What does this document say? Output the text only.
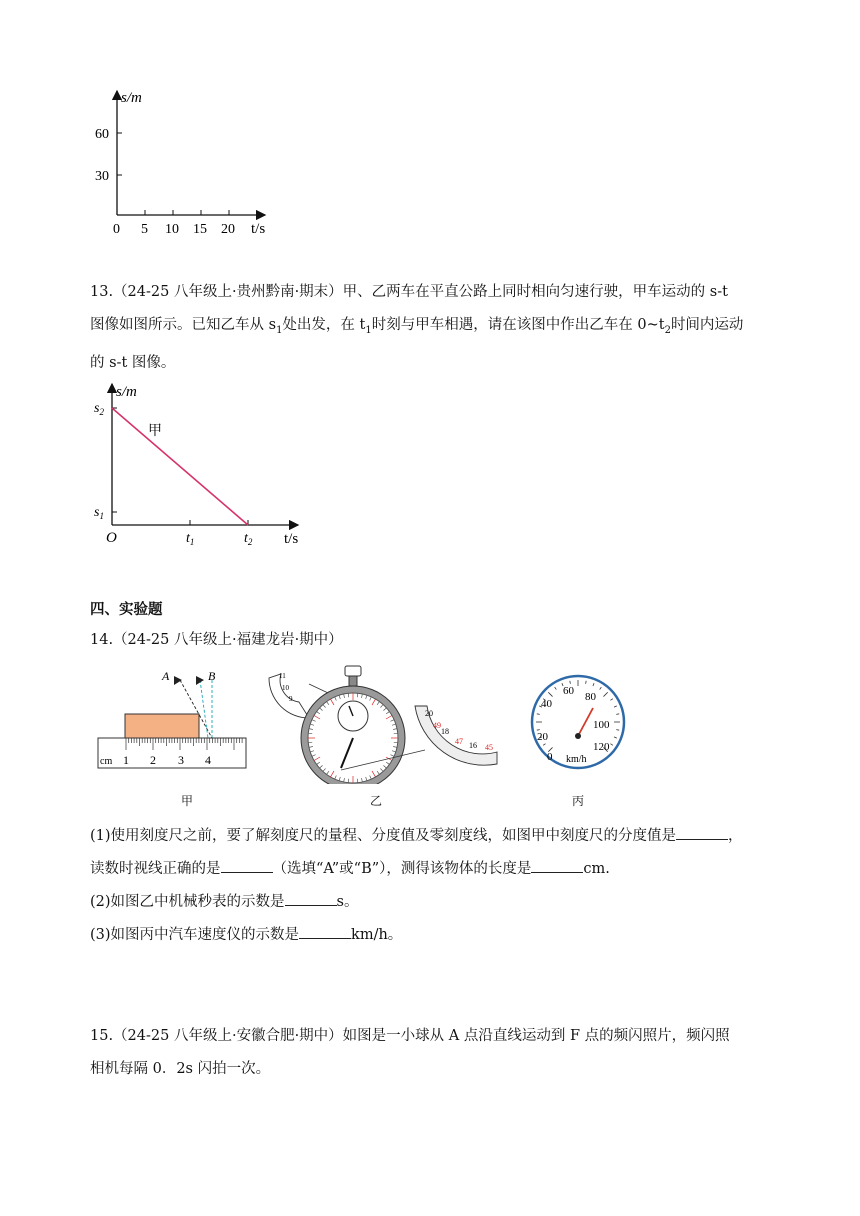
s/m
t/s
60
30
0 5 10 15 20
13.（24-25 八年级上·贵州黔南·期末）甲、乙两车在平直公路上同时相向匀速行驶，甲车运动的 s-t
图像如图所示。已知乙车从 $s_1$处出发，在 $t_1$时刻与甲车相遇，请在该图中作出乙车在 $0\sim t_2$时间内运动
的 s-t 图像。
s/m
t/s
O
$s_2$
$s_1$
$t_1$	$t_2$
甲
四、实验题
14.（24-25 八年级上·福建龙岩·期中）
A	B
cm 1 2 3 4
11
10
9
20
18
49
47 16 45
0
20
40
60 80
100
120
km/h
甲	乙	丙
(1)使用刻度尺之前，要了解刻度尺的量程、分度值及零刻度线，如图甲中刻度尺的分度值是	，
读数时视线正确的是	（选填“A”或“B”），测得该物体的长度是	cm.
(2)如图乙中机械秒表的示数是	s。
(3)如图丙中汽车速度仪的示数是	km/h。
15.（24-25 八年级上·安徽合肥·期中）如图是一小球从 A 点沿直线运动到 F 点的频闪照片，频闪照
相机每隔 0．2s 闪拍一次。
